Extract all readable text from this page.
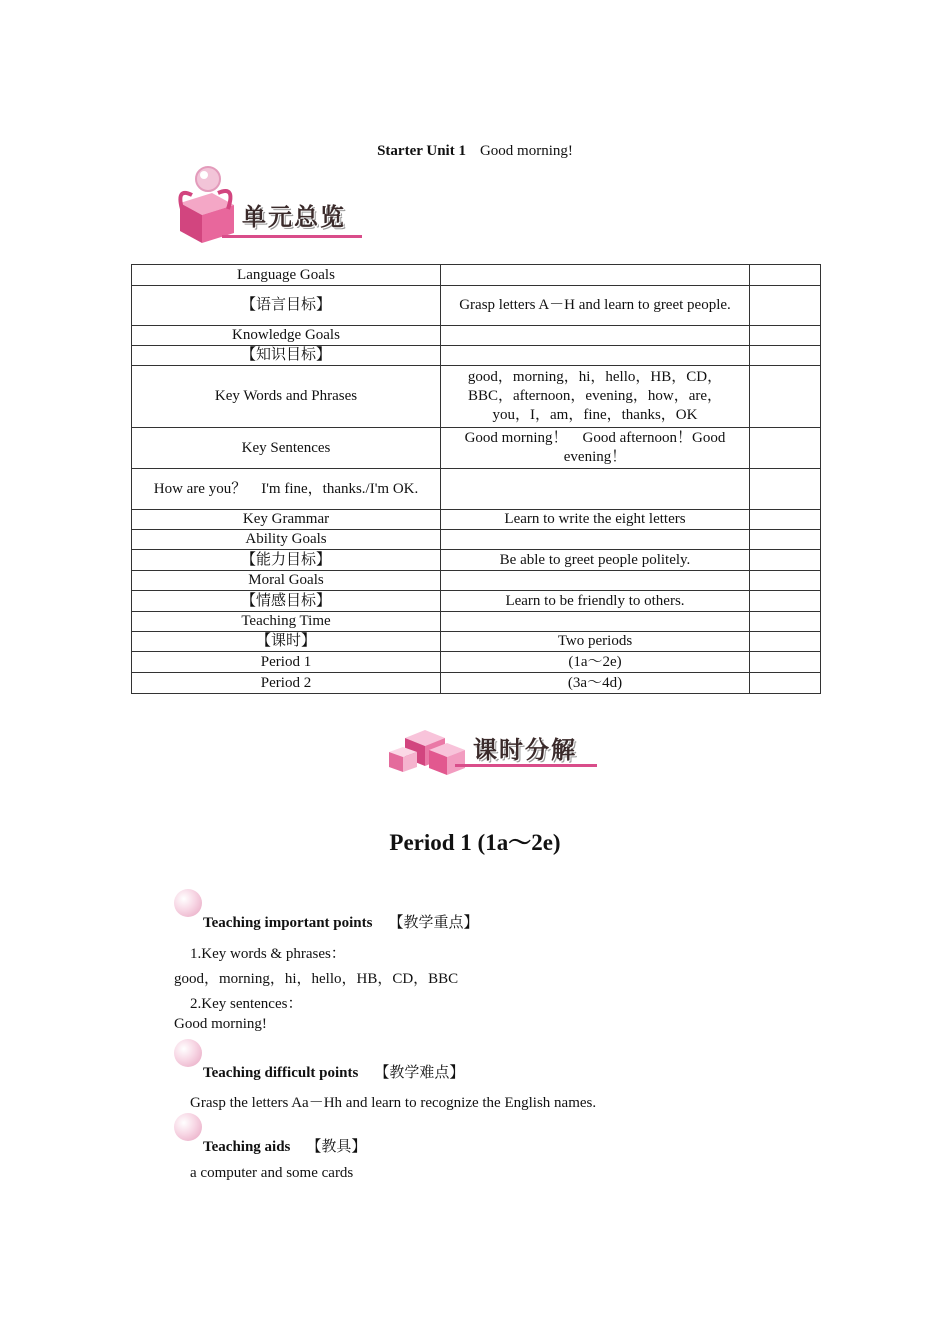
Starter Unit 1 Good morning!
单元总览
Language Goals		
【语言目标】	Grasp letters A－H and learn to greet people.	
Knowledge Goals		
【知识目标】		
Key Words and Phrases	good，morning，hi，hello，HB，CD，BBC，afternoon，evening，how，are，you，I，am，fine，thanks，OK	
Key Sentences	Good morning！　Good afternoon！Good evening！	
How are you？　I'm fine，thanks./I'm OK.		
Key Grammar	Learn to write the eight letters	
Ability Goals		
【能力目标】	Be able to greet people politely.	
Moral Goals		
【情感目标】	Learn to be friendly to others.	
Teaching Time		
【课时】	Two periods	
Period 1	(1a～2e)	
Period 2	(3a～4d)	
课时分解
Period 1 (1a～2e)
Teaching important points 【教学重点】
1.Key words & phrases：
good，morning，hi，hello，HB，CD，BBC
2.Key sentences：
Good morning!
Teaching difficult points 【教学难点】
Grasp the letters Aa－Hh and learn to recognize the English names.
Teaching aids 【教具】
a computer and some cards
